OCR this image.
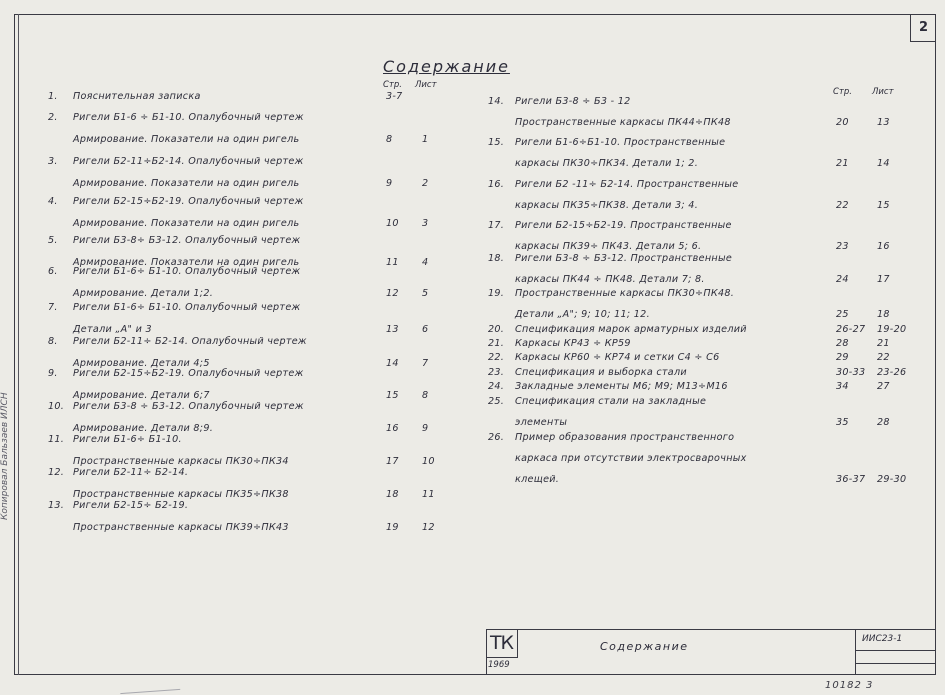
2
Копировал Бальзаев ИЛСН
Содержание
Стр. Лист
Стр. Лист
1.	Пояснительная записка	3-7
2.	Ригели Б1-6 ÷ Б1-10. Опалубочный чертеж
Армирование. Показатели на один ригель	8	1
3.	Ригели Б2-11÷Б2-14. Опалубочный чертеж
Армирование. Показатели на один ригель	9	2
4.	Ригели Б2-15÷Б2-19. Опалубочный чертеж
Армирование. Показатели на один ригель	10 3
5.	Ригели Б3-8÷ Б3-12. Опалубочный чертеж
Армирование. Показатели на один ригель	11 4
6.	Ригели Б1-6÷ Б1-10. Опалубочный чертеж
Армирование. Детали 1;2.	12 5
7.	Ригели Б1-6÷ Б1-10. Опалубочный чертеж
Детали „А" и 3	13 6
8.	Ригели Б2-11÷ Б2-14. Опалубочный чертеж
Армирование. Детали 4;5	14 7
9.	Ригели Б2-15÷Б2-19. Опалубочный чертеж
Армирование. Детали 6;7	15 8
10. Ригели Б3-8 ÷ Б3-12. Опалубочный чертеж
Армирование. Детали 8;9.	16 9
11. Ригели Б1-6÷ Б1-10.
Пространственные каркасы ПК30÷ПК34	17 10
12. Ригели Б2-11÷ Б2-14.
Пространственные каркасы ПК35÷ПК38	18 11
13. Ригели Б2-15÷ Б2-19.
Пространственные каркасы ПК39÷ПК43	19 12
14.	Ригели Б3-8 ÷ Б3 - 12
Пространственные каркасы ПК44÷ПК48	20	13
15.	Ригели Б1-6÷Б1-10. Пространственные
каркасы ПК30÷ПК34. Детали 1; 2.	21	14
16.	Ригели Б2 -11÷ Б2-14. Пространственные
каркасы ПК35÷ПК38. Детали 3; 4.	22	15
17.	Ригели Б2-15÷Б2-19. Пространственные
каркасы ПК39÷ ПК43. Детали 5; 6.	23	16
18.	Ригели Б3-8 ÷ Б3-12. Пространственные
каркасы ПК44 ÷ ПК48. Детали 7; 8.	24	17
19.	Пространственные каркасы ПК30÷ПК48.
Детали „А"; 9; 10; 11; 12.	25	18
20.	Спецификация марок арматурных изделий	26-27 19-20
21.	Каркасы КР43 ÷ КР59	28	21
22.	Каркасы КР60 ÷ КР74 и сетки С4 ÷ С6	29	22
23.	Спецификация и выборка стали	30-33 23-26
24.	Закладные элементы М6; М9; М13÷М16	34	27
25.	Спецификация стали на закладные
элементы	35	28
26.	Пример образования пространственного
каркаса при отсутствии электросварочных
клещей.	36-37 29-30
ТК
1969
Содержание
ИИС23-1
10182 3
